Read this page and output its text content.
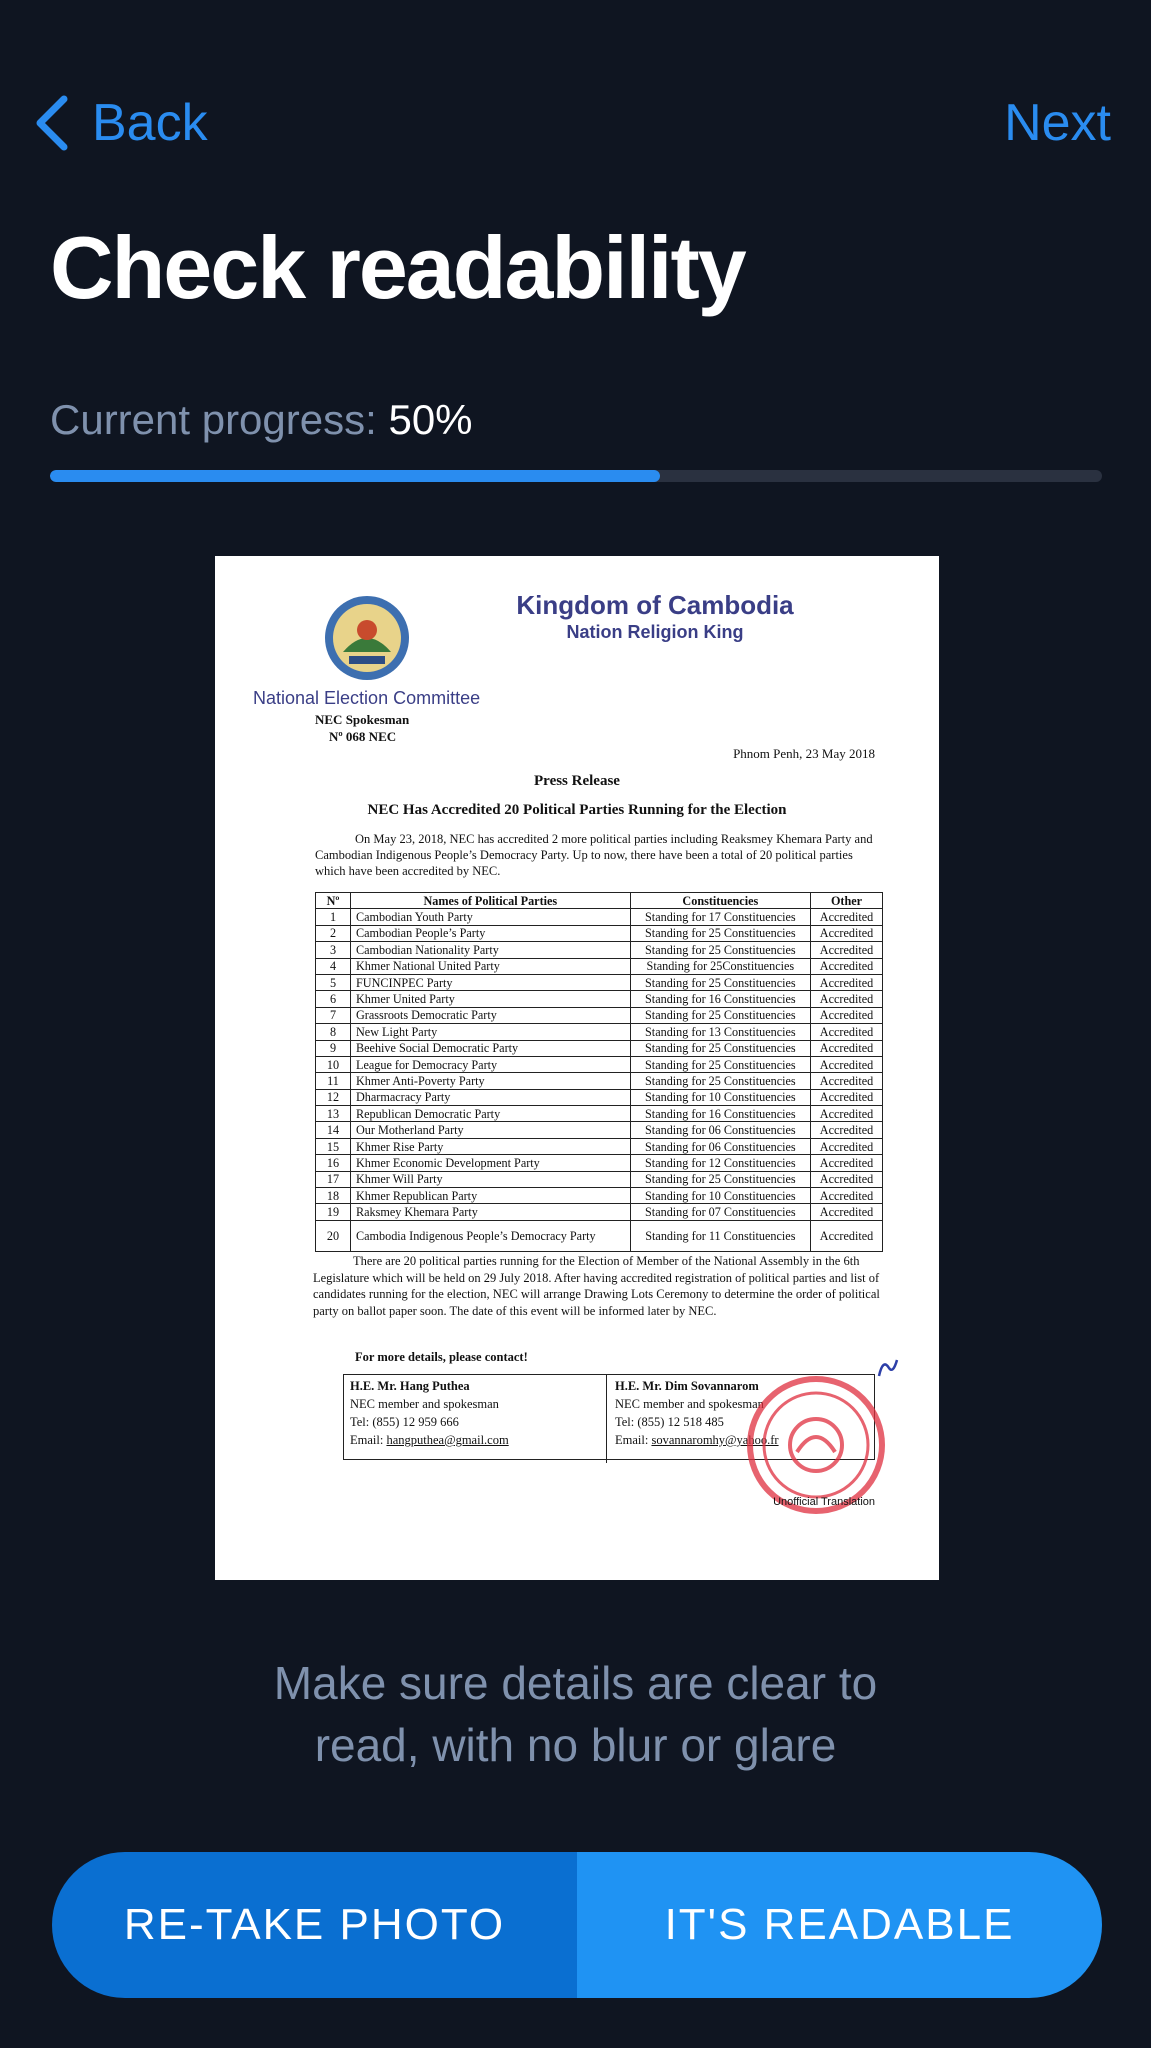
Back	Next
Check readability
Current progress: 50%
Kingdom of Cambodia
Nation Religion King
National Election Committee
NEC Spokesman
Nº 068 NEC
Phnom Penh, 23 May 2018
Press Release
NEC Has Accredited 20 Political Parties Running for the Election
On May 23, 2018, NEC has accredited 2 more political parties including Reaksmey Khemara Party and Cambodian Indigenous People’s Democracy Party. Up to now, there have been a total of 20 political parties which have been accredited by NEC.
Nº	Names of Political Parties	Constituencies	Other
1	Cambodian Youth Party	Standing for 17 Constituencies	Accredited
2	Cambodian People’s Party	Standing for 25 Constituencies	Accredited
3	Cambodian Nationality Party	Standing for 25 Constituencies	Accredited
4	Khmer National United Party	Standing for 25Constituencies	Accredited
5	FUNCINPEC Party	Standing for 25 Constituencies	Accredited
6	Khmer United Party	Standing for 16 Constituencies	Accredited
7	Grassroots Democratic Party	Standing for 25 Constituencies	Accredited
8	New Light Party	Standing for 13 Constituencies	Accredited
9	Beehive Social Democratic Party	Standing for 25 Constituencies	Accredited
10	League for Democracy Party	Standing for 25 Constituencies	Accredited
11	Khmer Anti-Poverty Party	Standing for 25 Constituencies	Accredited
12	Dharmacracy Party	Standing for 10 Constituencies	Accredited
13	Republican Democratic Party	Standing for 16 Constituencies	Accredited
14	Our Motherland Party	Standing for 06 Constituencies	Accredited
15	Khmer Rise Party	Standing for 06 Constituencies	Accredited
16	Khmer Economic Development Party	Standing for 12 Constituencies	Accredited
17	Khmer Will Party	Standing for 25 Constituencies	Accredited
18	Khmer Republican Party	Standing for 10 Constituencies	Accredited
19	Raksmey Khemara Party	Standing for 07 Constituencies	Accredited
20	Cambodia Indigenous People’s Democracy Party	Standing for 11 Constituencies	Accredited
There are 20 political parties running for the Election of Member of the National Assembly in the 6th Legislature which will be held on 29 July 2018. After having accredited registration of political parties and list of candidates running for the election, NEC will arrange Drawing Lots Ceremony to determine the order of political party on ballot paper soon. The date of this event will be informed later by NEC.
For more details, please contact!
H.E. Mr. Hang Puthea
NEC member and spokesman
Tel: (855) 12 959 666
Email: hangputhea@gmail.com
H.E. Mr. Dim Sovannarom
NEC member and spokesman
Tel: (855) 12 518 485
Email: sovannaromhy@yahoo.fr
Unofficial Translation
Make sure details are clear to
read, with no blur or glare
RE-TAKE PHOTO	IT'S READABLE
